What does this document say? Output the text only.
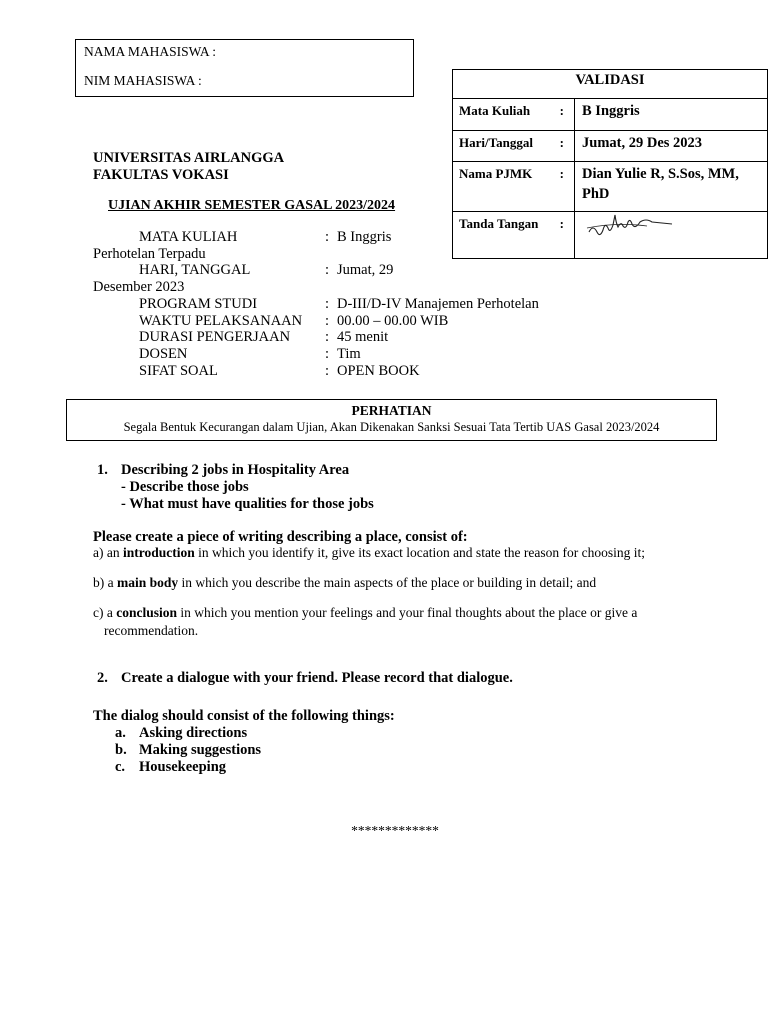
NAMA MAHASISWA :
NIM MAHASISWA :	VALIDASI	
Mata Kuliah :	B Inggris
Hari/Tanggal :	Jumat, 29 Des 2023
Nama PJMK :	Dian Yulie R, S.Sos, MM, PhD
Tanda Tangan :

UNIVERSITAS AIRLANGGA
FAKULTAS VOKASI
UJIAN AKHIR SEMESTER GASAL 2023/2024
MATA KULIAH	: B Inggris
Perhotelan Terpadu
HARI, TANGGAL	: Jumat, 29
Desember 2023
PROGRAM STUDI	: D-III/D-IV Manajemen Perhotelan
WAKTU PELAKSANAAN : 00.00 – 00.00 WIB
DURASI PENGERJAAN : 45 menit
DOSEN	: Tim
SIFAT SOAL	: OPEN BOOK
PERHATIAN
Segala Bentuk Kecurangan dalam Ujian, Akan Dikenakan Sanksi Sesuai Tata Tertib UAS Gasal 2023/2024
1. Describing 2 jobs in Hospitality Area
- Describe those jobs
- What must have qualities for those jobs
Please create a piece of writing describing a place, consist of:
a) an introduction in which you identify it, give its exact location and state the reason for choosing it;
b) a main body in which you describe the main aspects of the place or building in detail; and
c) a conclusion in which you mention your feelings and your final thoughts about the place or give a
recommendation.
2. Create a dialogue with your friend. Please record that dialogue.
The dialog should consist of the following things:
a. Asking directions
b. Making suggestions
c. Housekeeping
*************
